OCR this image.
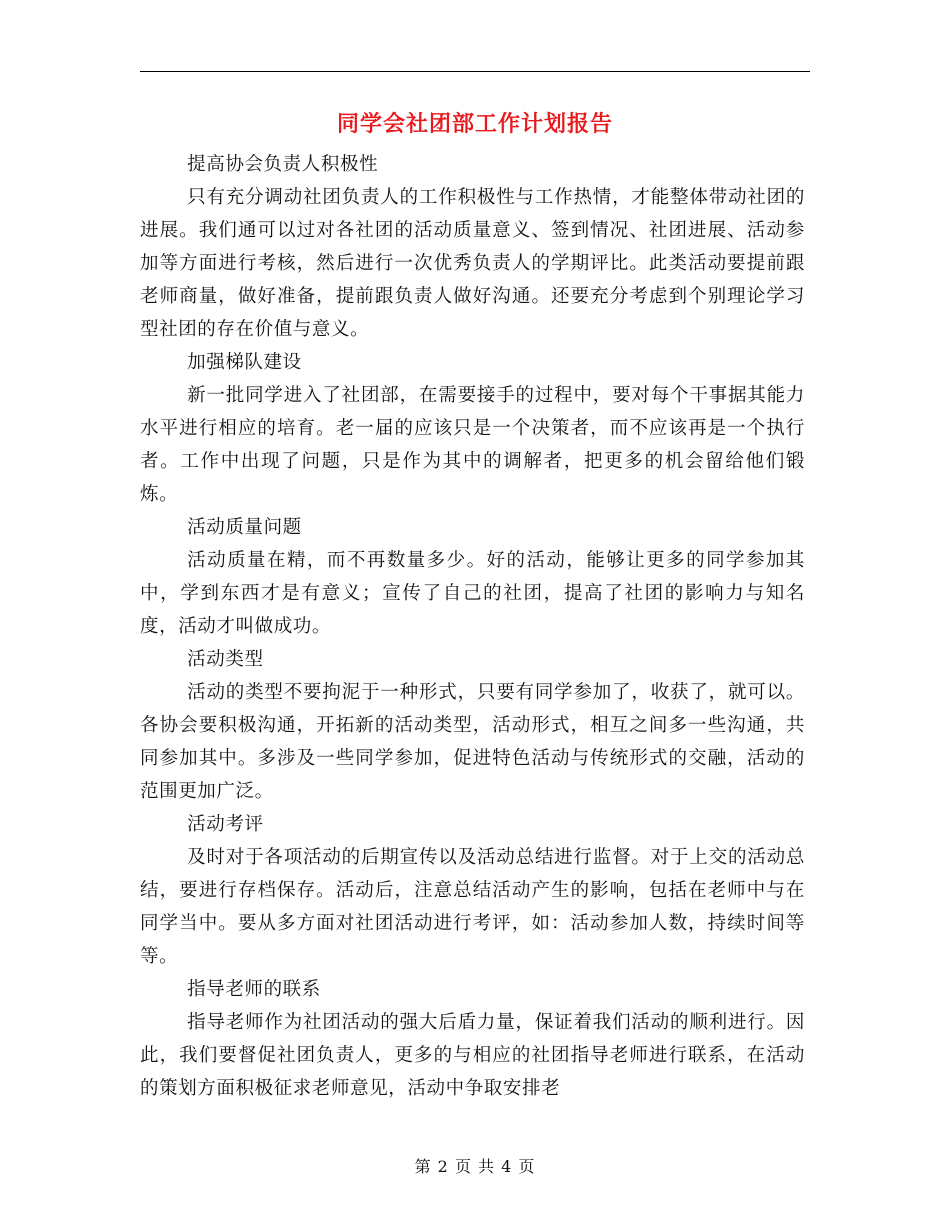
同学会社团部工作计划报告

提高协会负责人积极性

只有充分调动社团负责人的工作积极性与工作热情，才能整体带动社团的进展。我们通可以过对各社团的活动质量意义、签到情况、社团进展、活动参加等方面进行考核，然后进行一次优秀负责人的学期评比。此类活动要提前跟老师商量，做好准备，提前跟负责人做好沟通。还要充分考虑到个别理论学习型社团的存在价值与意义。

加强梯队建设

新一批同学进入了社团部，在需要接手的过程中，要对每个干事据其能力水平进行相应的培育。老一届的应该只是一个决策者，而不应该再是一个执行者。工作中出现了问题，只是作为其中的调解者，把更多的机会留给他们锻炼。

活动质量问题

活动质量在精，而不再数量多少。好的活动，能够让更多的同学参加其中，学到东西才是有意义；宣传了自己的社团，提高了社团的影响力与知名度，活动才叫做成功。

活动类型

活动的类型不要拘泥于一种形式，只要有同学参加了，收获了，就可以。各协会要积极沟通，开拓新的活动类型，活动形式，相互之间多一些沟通，共同参加其中。多涉及一些同学参加，促进特色活动与传统形式的交融，活动的范围更加广泛。

活动考评

及时对于各项活动的后期宣传以及活动总结进行监督。对于上交的活动总结，要进行存档保存。活动后，注意总结活动产生的影响，包括在老师中与在同学当中。要从多方面对社团活动进行考评，如：活动参加人数，持续时间等等。

指导老师的联系

指导老师作为社团活动的强大后盾力量，保证着我们活动的顺利进行。因此，我们要督促社团负责人，更多的与相应的社团指导老师进行联系，在活动的策划方面积极征求老师意见，活动中争取安排老

第 2 页 共 4 页
